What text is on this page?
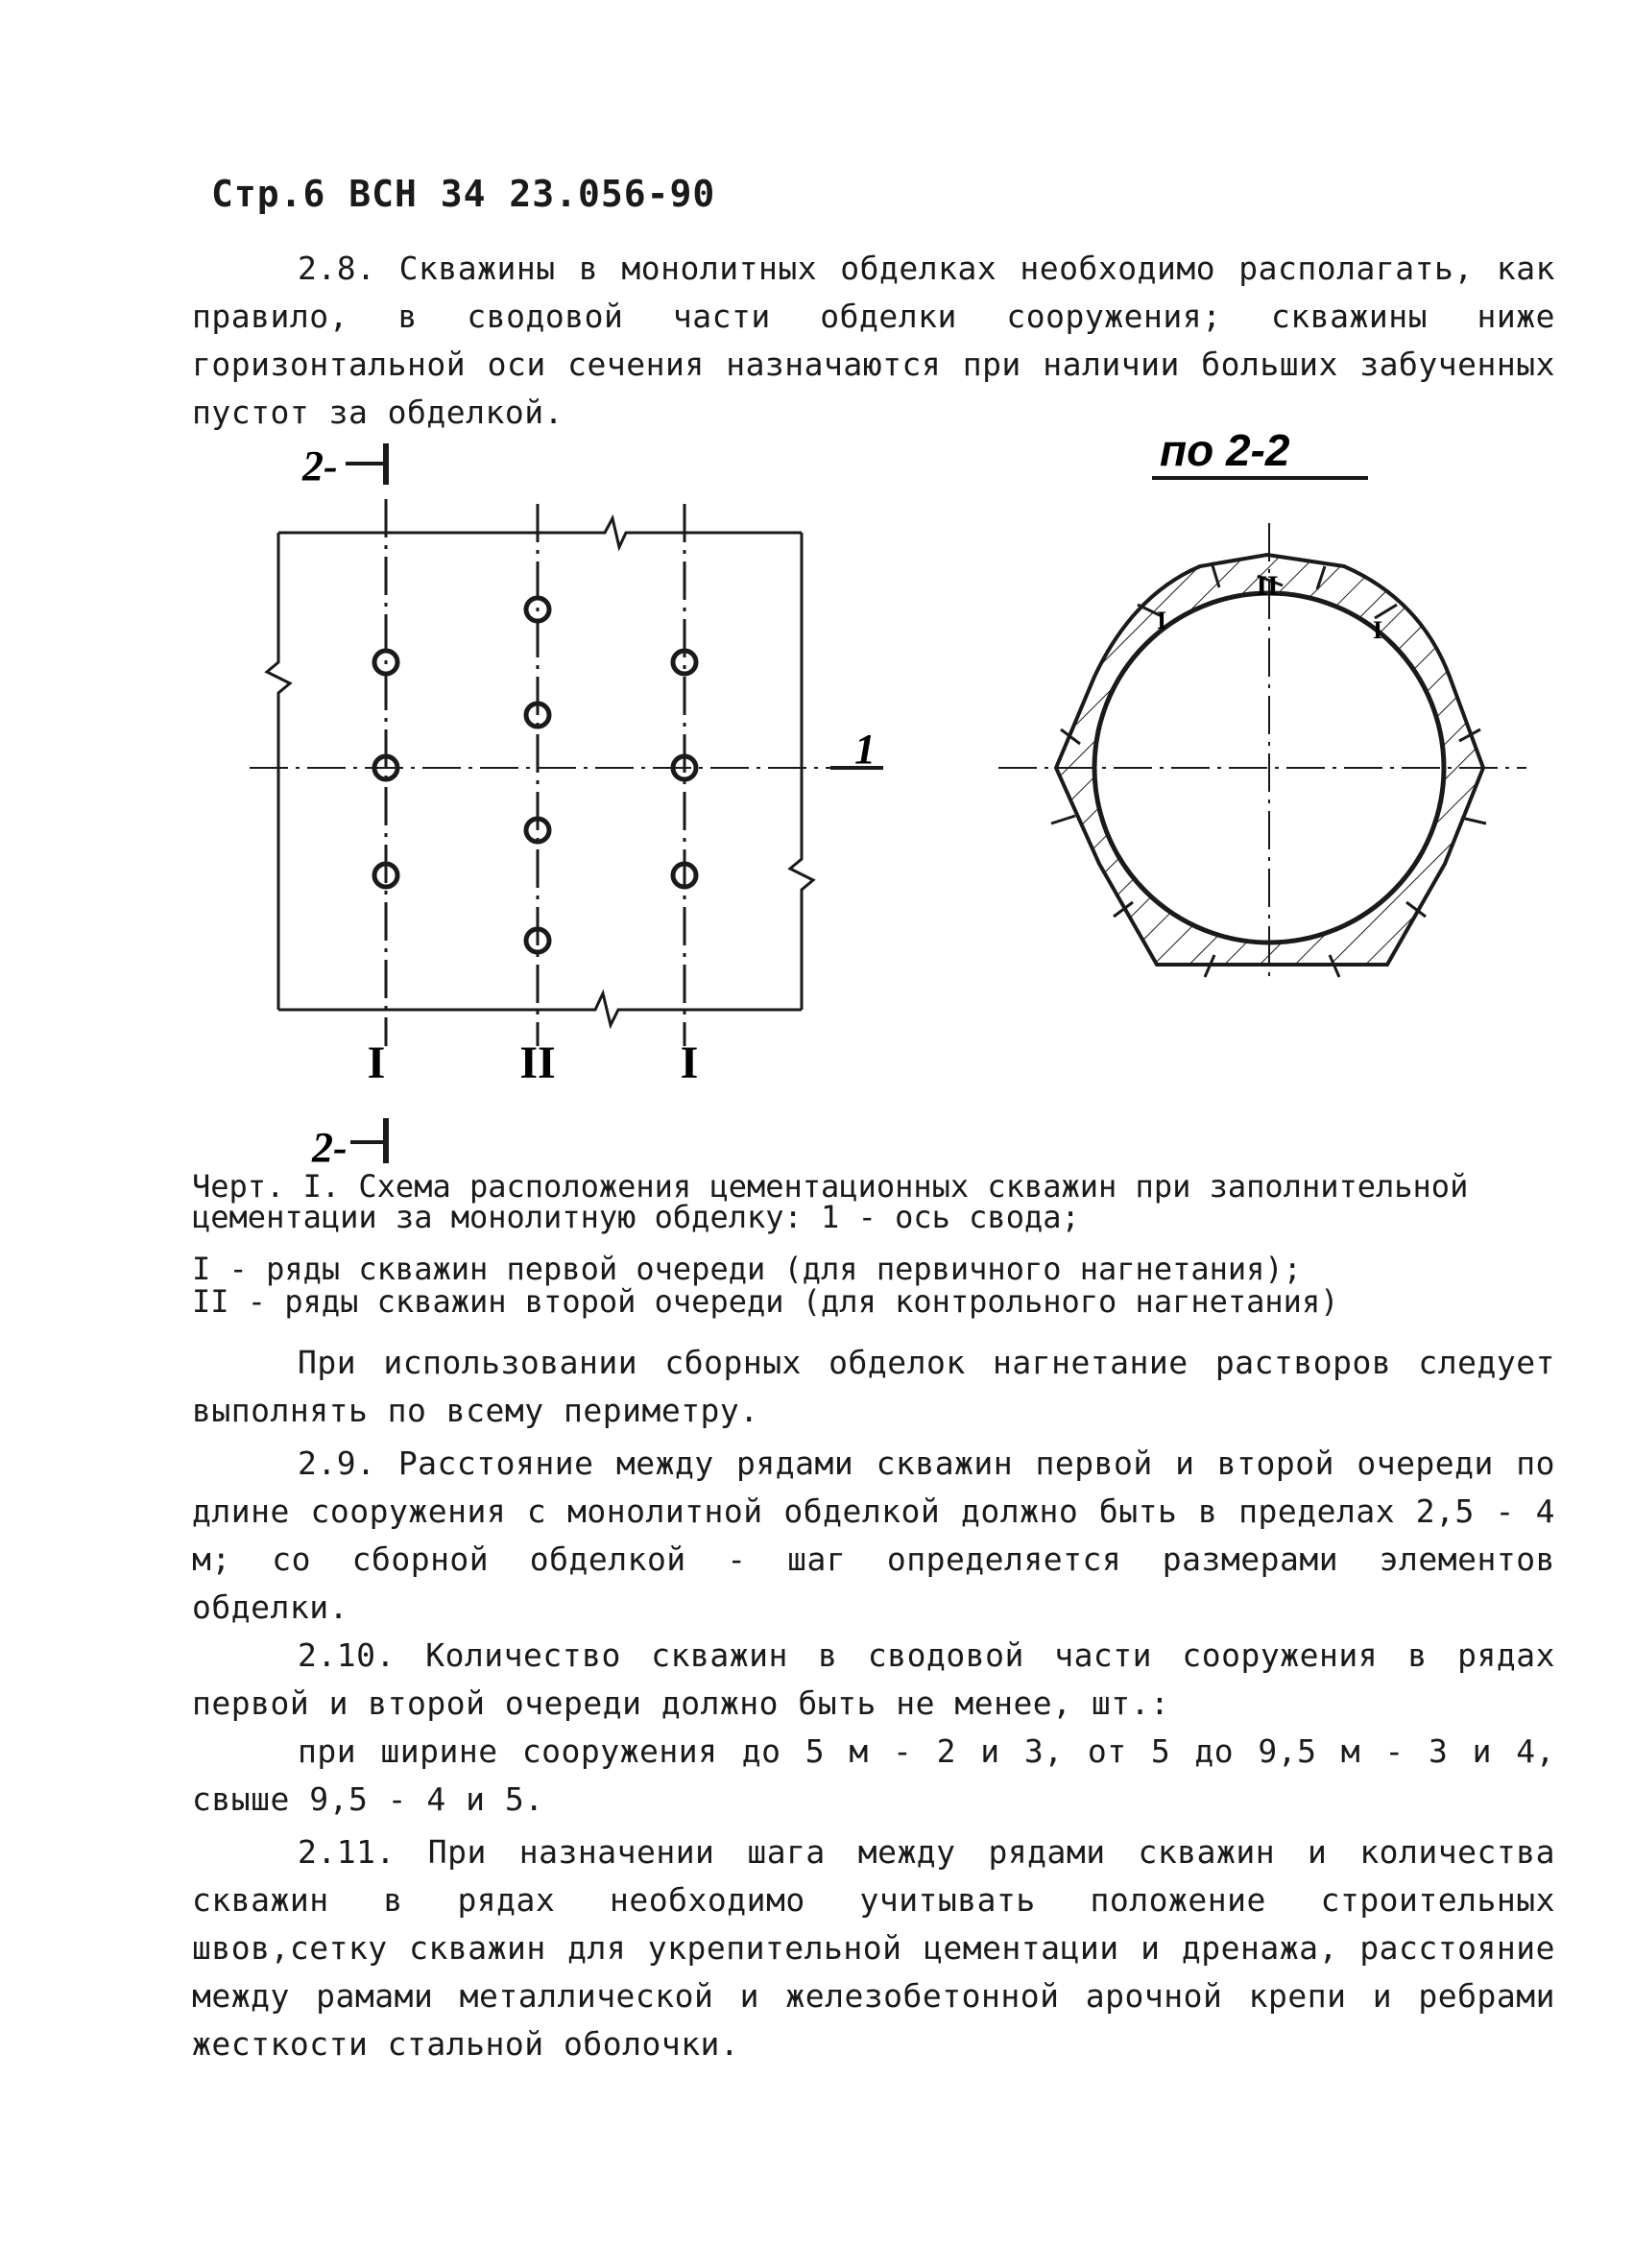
Стр.6 ВСН 34 23.056-90

2.8. Скважины в монолитных обделках необходимо располагать, как правило, в сводовой части обделки сооружения; скважины ниже горизонтальной оси сечения назначаются при наличии больших забученных пустот за обделкой.

2-
2-
1
I	II	I
по 2-2
II
I	I

Черт. I. Схема расположения цементационных скважин при заполнительной цементации за монолитную обделку: 1 - ось свода;

I - ряды скважин первой очереди (для первичного нагнетания);

II - ряды скважин второй очереди (для контрольного нагнетания)

При использовании сборных обделок нагнетание растворов следует выполнять по всему периметру.

2.9. Расстояние между рядами скважин первой и второй очереди по длине сооружения с монолитной обделкой должно быть в пределах 2,5 - 4 м; со сборной обделкой - шаг определяется размерами элементов обделки.

2.10. Количество скважин в сводовой части сооружения в рядах первой и второй очереди должно быть не менее, шт.:

при ширине сооружения до 5 м - 2 и 3, от 5 до 9,5 м - 3 и 4, свыше 9,5 - 4 и 5.

2.11. При назначении шага между рядами скважин и количества скважин в рядах необходимо учитывать положение строительных швов,сетку скважин для укрепительной цементации и дренажа, расстояние между рамами металлической и железобетонной арочной крепи и ребрами жесткости стальной оболочки.
